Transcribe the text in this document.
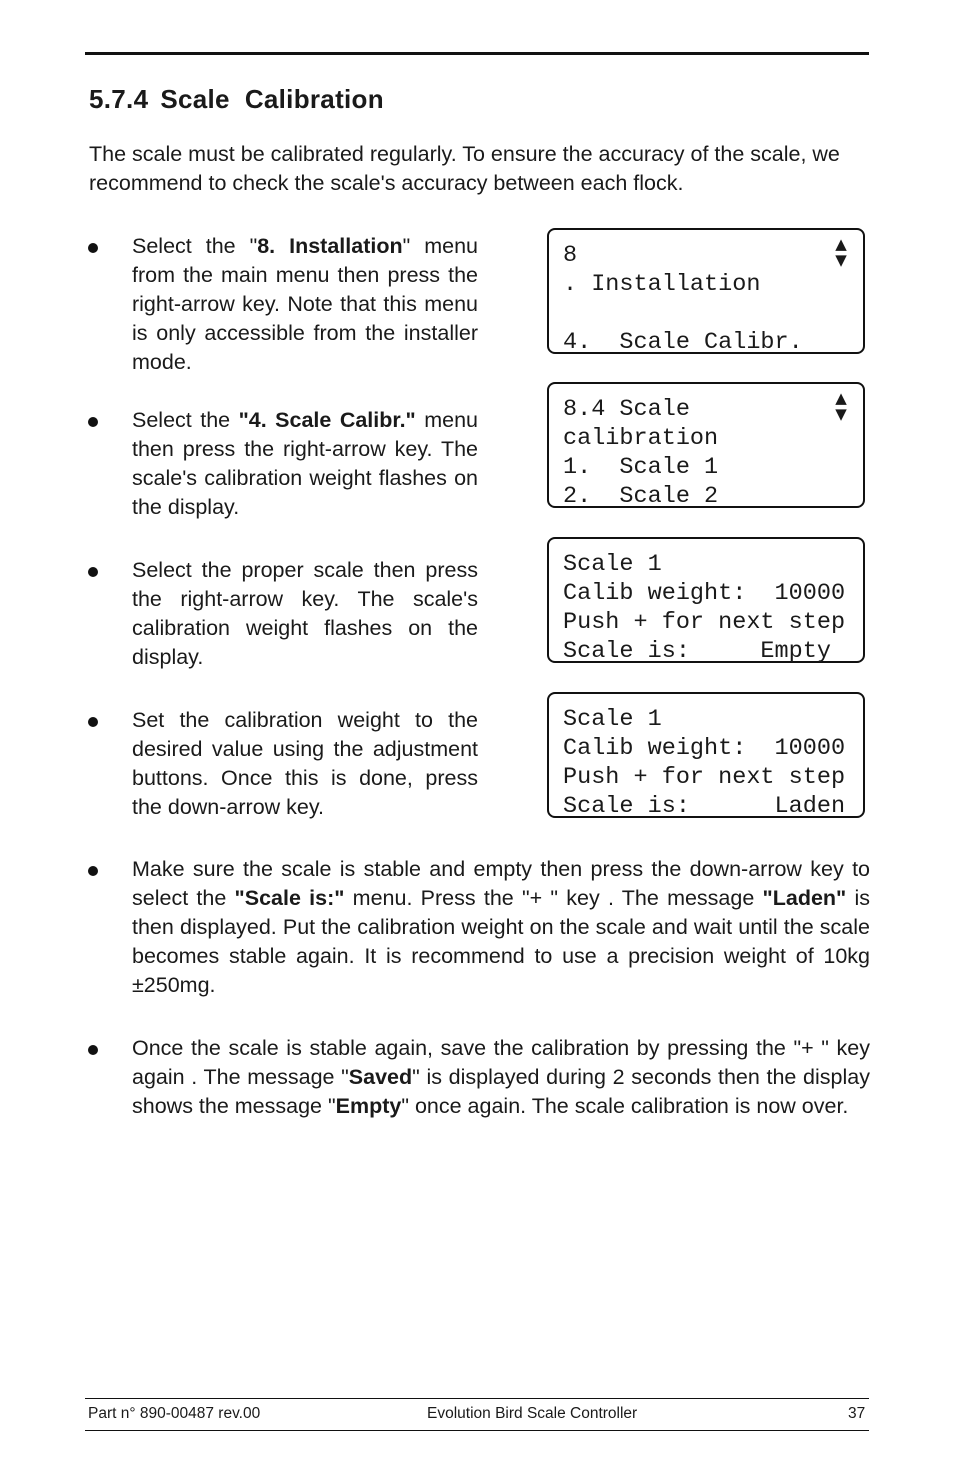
5.7.4 Scale  Calibration

The scale must be calibrated regularly. To ensure the accuracy of the scale, we recommend to check the scale's accuracy between each flock.

Select the "8. Installation" menu from the main menu then press the right-arrow key. Note that this menu is only accessible from the installer mode.

Select the "4. Scale Calibr." menu then press the right-arrow key. The scale's calibration weight flashes on the display.

Select the proper scale then press the right-arrow key. The scale's calibration weight flashes on the display.

Set the calibration weight to the desired value using the adjustment buttons. Once this is done, press the down-arrow key.

Make sure the scale is stable and empty then press the down-arrow key to select the "Scale is:" menu. Press the "+ " key . The message "Laden" is then displayed. Put the calibration weight on the scale and wait until the scale becomes stable again. It is recommend to use a precision weight of 10kg ±250mg.

Once the scale is stable again, save the calibration by pressing the "+ " key again . The message "Saved" is displayed during 2 seconds then the display shows the message "Empty" once again. The scale calibration is now over.

8
. Installation
4.  Scale Calibr.
▲
▼
8.4 Scale
calibration
1.  Scale 1
2.  Scale 2
▲
▼
Scale 1
Calib weight:  10000
Push + for next step
Scale is:     Empty
Scale 1
Calib weight:  10000
Push + for next step
Scale is:      Laden
Part n° 890-00487 rev.00	Evolution Bird Scale Controller	37
